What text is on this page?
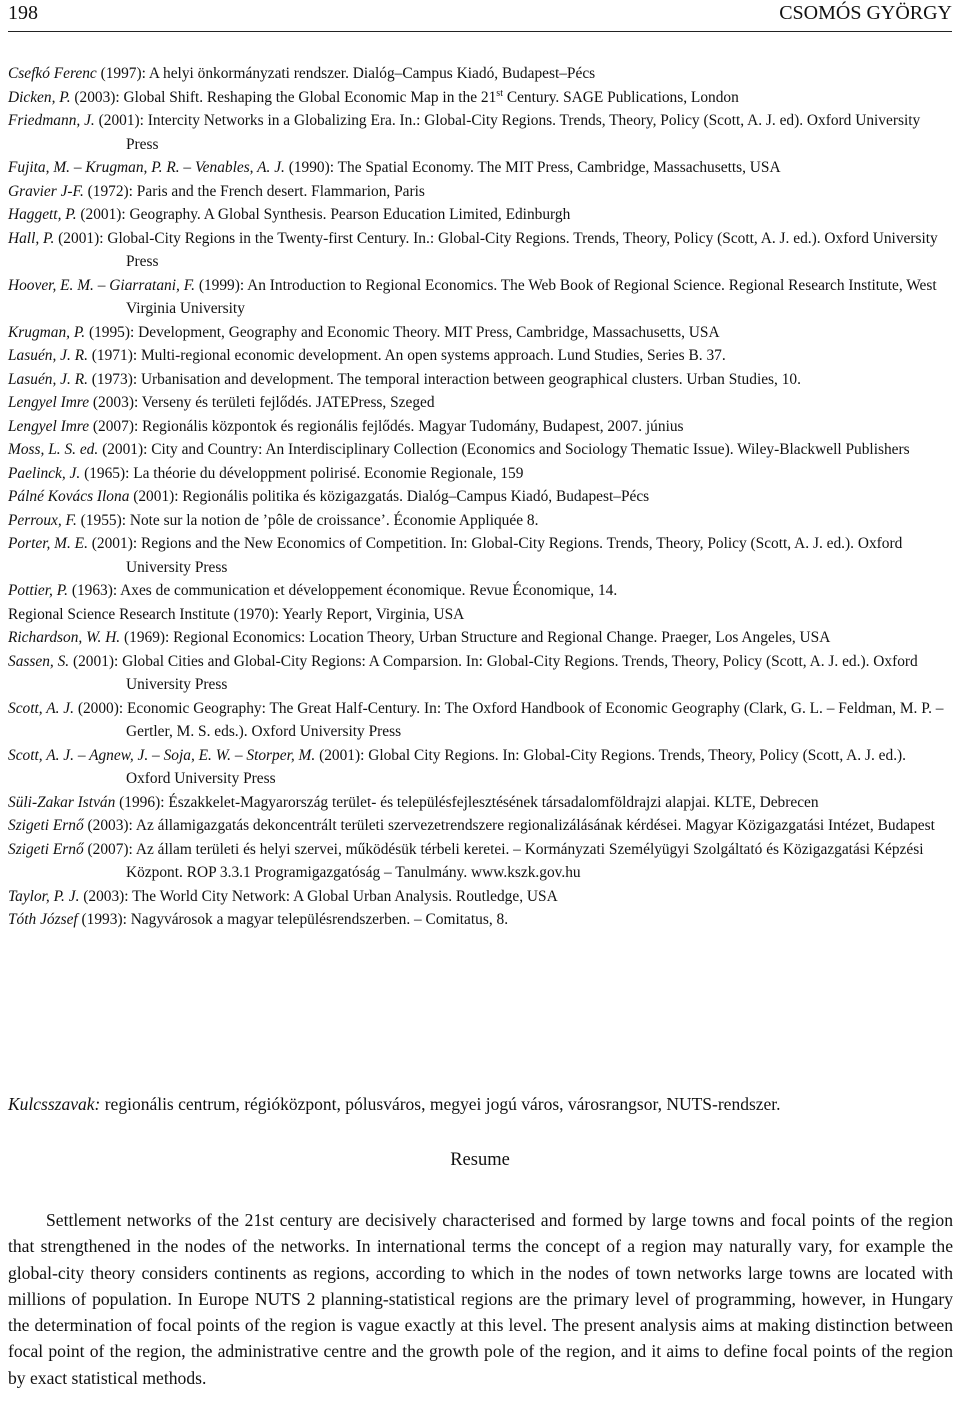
198	CSOMÓS GYÖRGY
Csefkó Ferenc (1997): A helyi önkormányzati rendszer. Dialóg–Campus Kiadó, Budapest–Pécs
Dicken, P. (2003): Global Shift. Reshaping the Global Economic Map in the 21st Century. SAGE Publications, London
Friedmann, J. (2001): Intercity Networks in a Globalizing Era. In.: Global-City Regions. Trends, Theory, Policy (Scott, A. J. ed). Oxford University Press
Fujita, M. – Krugman, P. R. – Venables, A. J. (1990): The Spatial Economy. The MIT Press, Cambridge, Massachusetts, USA
Gravier J-F. (1972): Paris and the French desert. Flammarion, Paris
Haggett, P. (2001): Geography. A Global Synthesis. Pearson Education Limited, Edinburgh
Hall, P. (2001): Global-City Regions in the Twenty-first Century. In.: Global-City Regions. Trends, Theory, Policy (Scott, A. J. ed.). Oxford University Press
Hoover, E. M. – Giarratani, F. (1999): An Introduction to Regional Economics. The Web Book of Regional Science. Regional Research Institute, West Virginia University
Krugman, P. (1995): Development, Geography and Economic Theory. MIT Press, Cambridge, Massachusetts, USA
Lasuén, J. R. (1971): Multi-regional economic development. An open systems approach. Lund Studies, Series B. 37.
Lasuén, J. R. (1973): Urbanisation and development. The temporal interaction between geographical clusters. Urban Studies, 10.
Lengyel Imre (2003): Verseny és területi fejlődés. JATEPress, Szeged
Lengyel Imre (2007): Regionális központok és regionális fejlődés. Magyar Tudomány, Budapest, 2007. június
Moss, L. S. ed. (2001): City and Country: An Interdisciplinary Collection (Economics and Sociology Thematic Issue). Wiley-Blackwell Publishers
Paelinck, J. (1965): La théorie du développment polirisé. Economie Regionale, 159
Pálné Kovács Ilona (2001): Regionális politika és közigazgatás. Dialóg–Campus Kiadó, Budapest–Pécs
Perroux, F. (1955): Note sur la notion de ’pôle de croissance’. Économie Appliquée 8.
Porter, M. E. (2001): Regions and the New Economics of Competition. In: Global-City Regions. Trends, Theory, Policy (Scott, A. J. ed.). Oxford University Press
Pottier, P. (1963): Axes de communication et développement économique. Revue Économique, 14.
Regional Science Research Institute (1970): Yearly Report, Virginia, USA
Richardson, W. H. (1969): Regional Economics: Location Theory, Urban Structure and Regional Change. Praeger, Los Angeles, USA
Sassen, S. (2001): Global Cities and Global-City Regions: A Comparsion. In: Global-City Regions. Trends, Theory, Policy (Scott, A. J. ed.). Oxford University Press
Scott, A. J. (2000): Economic Geography: The Great Half-Century. In: The Oxford Handbook of Economic Geography (Clark, G. L. – Feldman, M. P. – Gertler, M. S. eds.). Oxford University Press
Scott, A. J. – Agnew, J. – Soja, E. W. – Storper, M. (2001): Global City Regions. In: Global-City Regions. Trends, Theory, Policy (Scott, A. J. ed.). Oxford University Press
Süli-Zakar István (1996): Északkelet-Magyarország terület- és településfejlesztésének társadalomföldrajzi alapjai. KLTE, Debrecen
Szigeti Ernő (2003): Az államigazgatás dekoncentrált területi szervezetrendszere regionalizálásának kérdései. Magyar Közigazgatási Intézet, Budapest
Szigeti Ernő (2007): Az állam területi és helyi szervei, működésük térbeli keretei. – Kormányzati Személyügyi Szolgáltató és Közigazgatási Képzési Központ. ROP 3.3.1 Programigazgatóság – Tanulmány. www.kszk.gov.hu
Taylor, P. J. (2003): The World City Network: A Global Urban Analysis. Routledge, USA
Tóth József (1993): Nagyvárosok a magyar településrendszerben. – Comitatus, 8.
Kulcsszavak: regionális centrum, régióközpont, pólusváros, megyei jogú város, városrangsor, NUTS-rendszer.
Resume
Settlement networks of the 21st century are decisively characterised and formed by large towns and focal points of the region that strengthened in the nodes of the networks. In international terms the concept of a region may naturally vary, for example the global-city theory considers continents as regions, according to which in the nodes of town networks large towns are located with millions of population. In Europe NUTS 2 planning-statistical regions are the primary level of programming, however, in Hungary the determination of focal points of the region is vague exactly at this level. The present analysis aims at making distinction between focal point of the region, the administrative centre and the growth pole of the region, and it aims to define focal points of the region by exact statistical methods.
